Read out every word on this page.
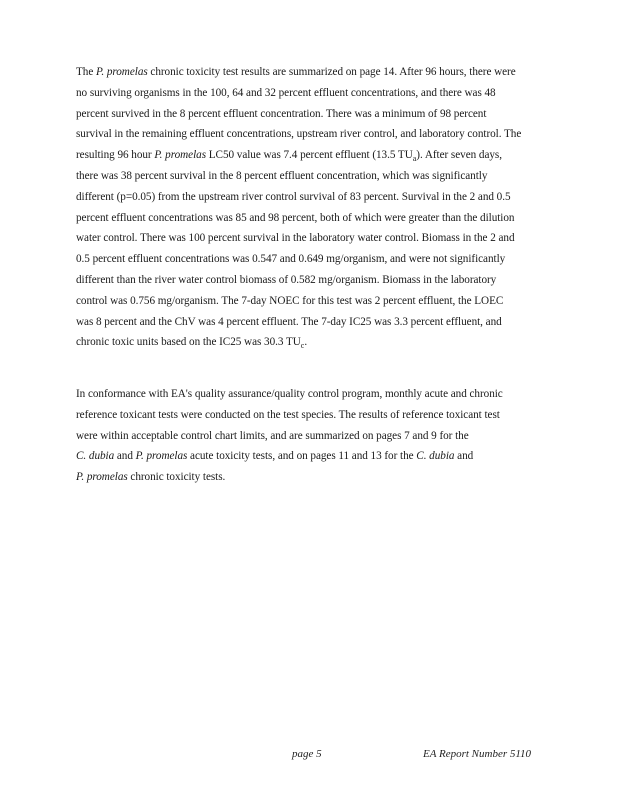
The P. promelas chronic toxicity test results are summarized on page 14. After 96 hours, there were
no surviving organisms in the 100, 64 and 32 percent effluent concentrations, and there was 48
percent survived in the 8 percent effluent concentration. There was a minimum of 98 percent
survival in the remaining effluent concentrations, upstream river control, and laboratory control. The
resulting 96 hour P. promelas LC50 value was 7.4 percent effluent (13.5 $TU_a$). After seven days,
there was 38 percent survival in the 8 percent effluent concentration, which was significantly
different (p=0.05) from the upstream river control survival of 83 percent. Survival in the 2 and 0.5
percent effluent concentrations was 85 and 98 percent, both of which were greater than the dilution
water control. There was 100 percent survival in the laboratory water control. Biomass in the 2 and
0.5 percent effluent concentrations was 0.547 and 0.649 mg/organism, and were not significantly
different than the river water control biomass of 0.582 mg/organism. Biomass in the laboratory
control was 0.756 mg/organism. The 7-day NOEC for this test was 2 percent effluent, the LOEC
was 8 percent and the ChV was 4 percent effluent. The 7-day IC25 was 3.3 percent effluent, and
chronic toxic units based on the IC25 was 30.3 $TU_c$.
In conformance with EA's quality assurance/quality control program, monthly acute and chronic
reference toxicant tests were conducted on the test species. The results of reference toxicant test
were within acceptable control chart limits, and are summarized on pages 7 and 9 for the
C. dubia and P. promelas acute toxicity tests, and on pages 11 and 13 for the C. dubia and
P. promelas chronic toxicity tests.
page 5	EA Report Number 5110
